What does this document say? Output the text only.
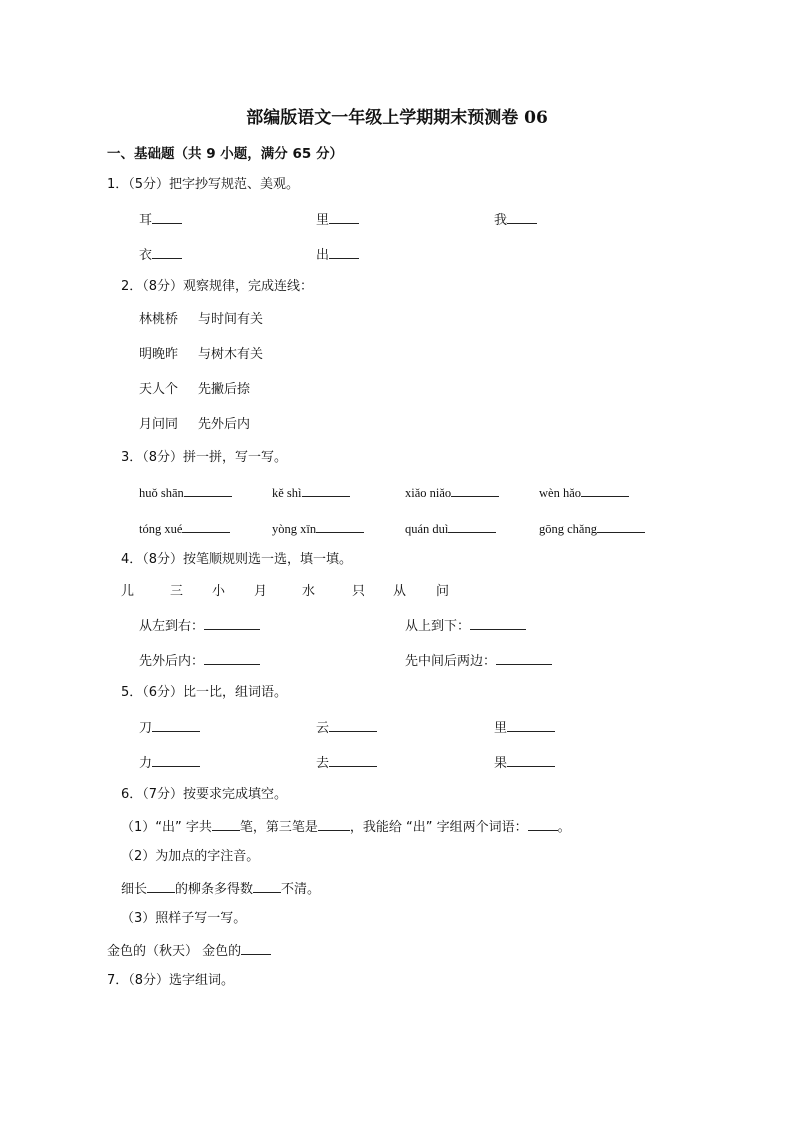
部编版语文一年级上学期期末预测卷 06
一、基础题（共 9 小题，满分 65 分）
1．（5分）把字抄写规范、美观。
耳	里	我
衣	出
2．（8分）观察规律，完成连线：
林桃桥 与时间有关
明晚昨 与树木有关
天人个 先撇后捺
月问同 先外后内
3．（8分）拼一拼，写一写。
huǒ shān	kě shì	xiǎo niǎo	wèn hǎo
tóng xué	yòng xīn	quán duì	gōng chǎng
4．（8分）按笔顺规则选一选，填一填。
儿	三 小 月	水	只 从 问
从左到右：	从上到下：
先外后内：	先中间后两边：
5．（6分）比一比，组词语。
刀	云	里
力	去	果
6．（7分）按要求完成填空。
（1）“出” 字共 笔，第三笔是 ，我能给 “出” 字组两个词语： 。
（2）为加点的字注音。
细长 的柳条多得数 不清。
（3）照样子写一写。
金色的（秋天） 金色的
7．（8分）选字组词。
